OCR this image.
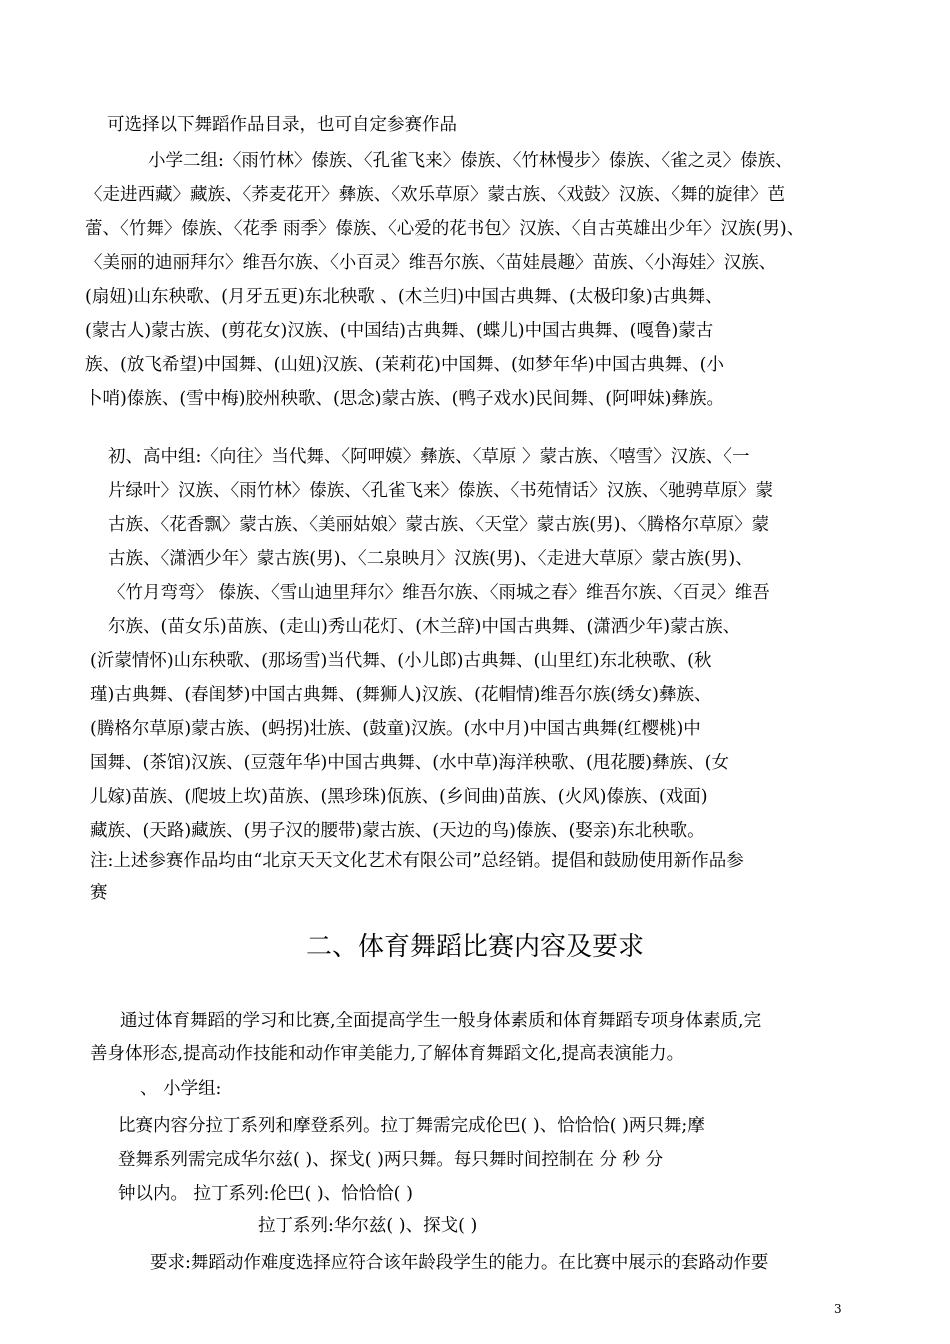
可选择以下舞蹈作品目录，也可自定参赛作品
小学二组:〈雨竹林〉傣族、〈孔雀飞来〉傣族、〈竹林慢步〉傣族、〈雀之灵〉傣族、
〈走进西藏〉藏族、〈荞麦花开〉彝族、〈欢乐草原〉蒙古族、〈戏鼓〉汉族、〈舞的旋律〉芭
蕾、〈竹舞〉傣族、〈花季 雨季〉傣族、〈心爱的花书包〉汉族、〈自古英雄出少年〉汉族(男)、
〈美丽的迪丽拜尔〉维吾尔族、〈小百灵〉维吾尔族、〈苗娃晨趣〉苗族、〈小海娃〉汉族、
(扇妞)山东秧歌、(月牙五更)东北秧歌 、(木兰归)中国古典舞、(太极印象)古典舞、
(蒙古人)蒙古族、(剪花女)汉族、(中国结)古典舞、(蝶儿)中国古典舞、(嘎鲁)蒙古
族、(放飞希望)中国舞、(山妞)汉族、(茉莉花)中国舞、(如梦年华)中国古典舞、(小
卜哨)傣族、(雪中梅)胶州秧歌、(思念)蒙古族、(鸭子戏水)民间舞、(阿呷妹)彝族。
初、高中组:〈向往〉当代舞、〈阿呷嫫〉彝族、〈草原 〉蒙古族、〈嘻雪〉汉族、〈一
片绿叶〉汉族、〈雨竹林〉傣族、〈孔雀飞来〉傣族、〈书苑情话〉汉族、〈驰骋草原〉蒙
古族、〈花香飘〉蒙古族、〈美丽姑娘〉蒙古族、〈天堂〉蒙古族(男)、〈腾格尔草原〉蒙
古族、〈潇洒少年〉蒙古族(男)、〈二泉映月〉汉族(男)、〈走进大草原〉蒙古族(男)、
〈竹月弯弯〉 傣族、〈雪山迪里拜尔〉维吾尔族、〈雨城之春〉维吾尔族、〈百灵〉维吾
尔族、(苗女乐)苗族、(走山)秀山花灯、(木兰辞)中国古典舞、(潇洒少年)蒙古族、
(沂蒙情怀)山东秧歌、(那场雪)当代舞、(小儿郎)古典舞、(山里红)东北秧歌、(秋
瑾)古典舞、(春闺梦)中国古典舞、(舞狮人)汉族、(花帽情)维吾尔族(绣女)彝族、
(腾格尔草原)蒙古族、(蚂拐)壮族、(鼓童)汉族。(水中月)中国古典舞(红樱桃)中
国舞、(茶馆)汉族、(豆蔻年华)中国古典舞、(水中草)海洋秧歌、(甩花腰)彝族、(女
儿嫁)苗族、(爬坡上坎)苗族、(黑珍珠)佤族、(乡间曲)苗族、(火风)傣族、(戏面)
藏族、(天路)藏族、(男子汉的腰带)蒙古族、(天边的鸟)傣族、(娶亲)东北秧歌。
注:上述参赛作品均由“北京天天文化艺术有限公司”总经销。提倡和鼓励使用新作品参
赛
二、体育舞蹈比赛内容及要求
通过体育舞蹈的学习和比赛,全面提高学生一般身体素质和体育舞蹈专项身体素质,完
善身体形态,提高动作技能和动作审美能力,了解体育舞蹈文化,提高表演能力。
、 小学组:
比赛内容分拉丁系列和摩登系列。拉丁舞需完成伦巴( )、恰恰恰( )两只舞;摩
登舞系列需完成华尔兹( )、探戈( )两只舞。每只舞时间控制在 分 秒 分
钟以内。 拉丁系列:伦巴( )、恰恰恰( )
拉丁系列:华尔兹( )、探戈( )
要求:舞蹈动作难度选择应符合该年龄段学生的能力。在比赛中展示的套路动作要
3
